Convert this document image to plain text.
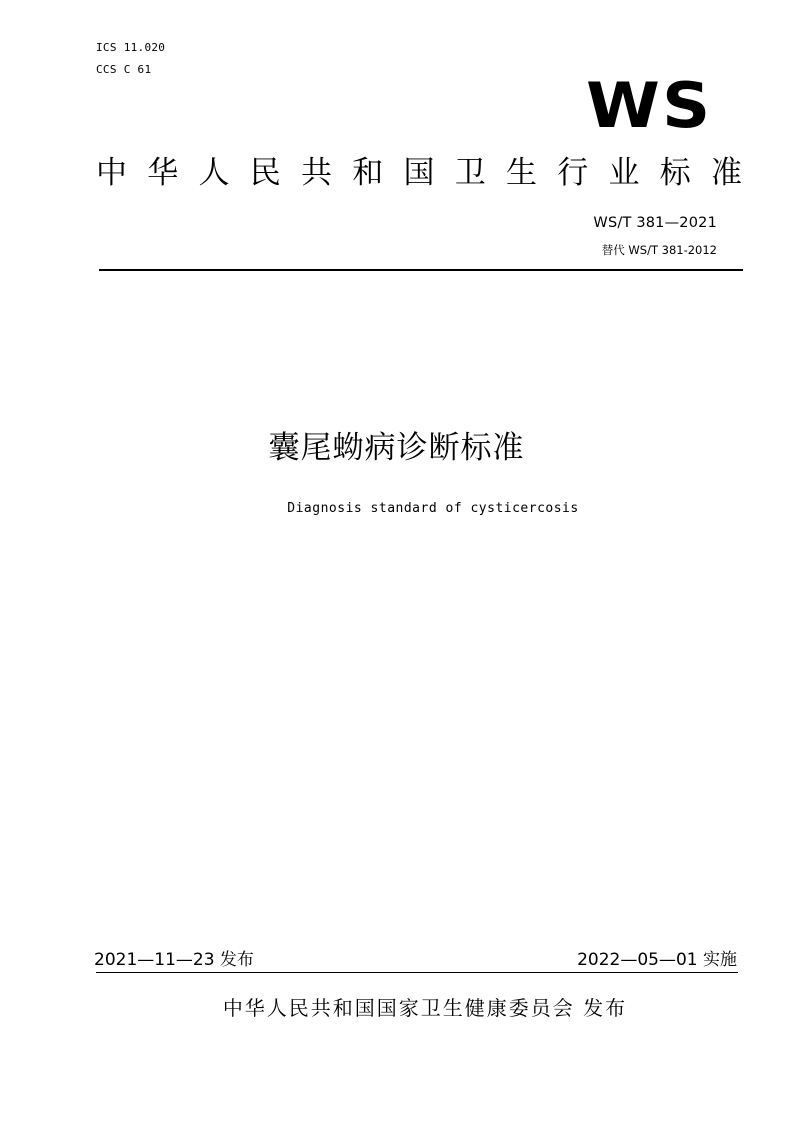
ICS 11.020
CCS C 61	WS
中 华 人 民 共 和 国 卫 生 行 业 标 准
WS/T 381—2021
替代 WS/T 381-2012
囊尾蚴病诊断标准
Diagnosis standard of cysticercosis
2021—11—23 发布	2022—05—01 实施
中华人民共和国国家卫生健康委员会 发布
